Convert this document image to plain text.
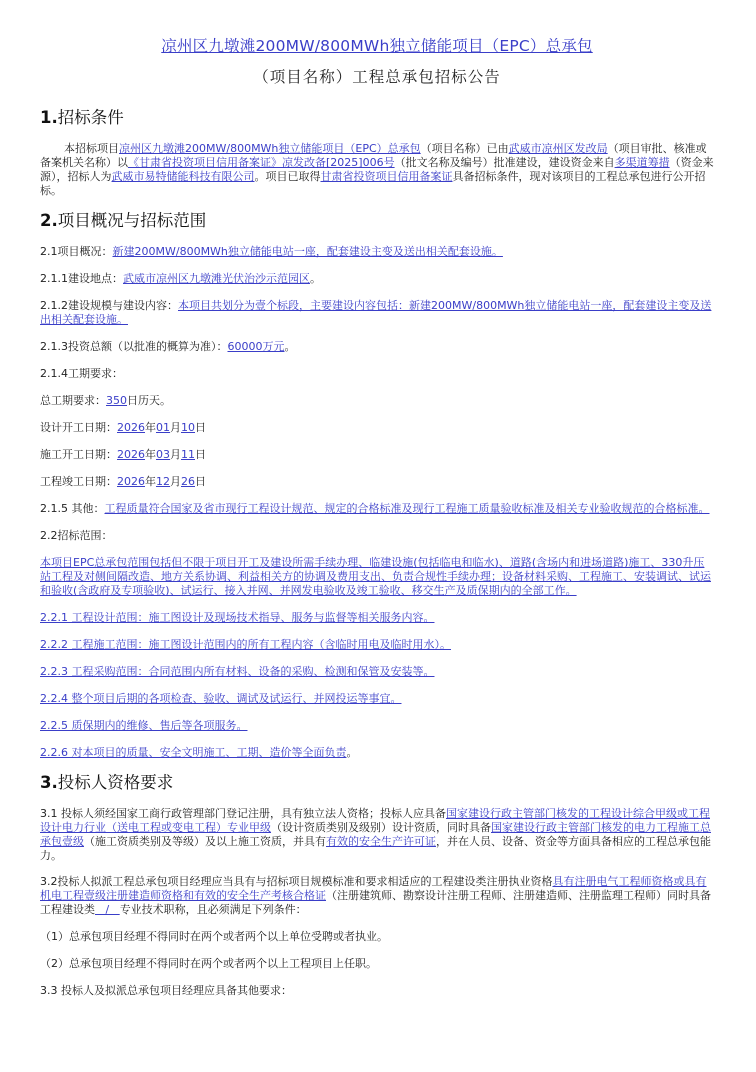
凉州区九墩滩200MW/800MWh独立储能项目（EPC）总承包

（项目名称）工程总承包招标公告

1.招标条件

本招标项目凉州区九墩滩200MW/800MWh独立储能项目（EPC）总承包（项目名称）已由武威市凉州区发改局（项目审批、核准或备案机关名称）以《甘肃省投资项目信用备案证》凉发改备[2025]006号（批文名称及编号）批准建设，建设资金来自多渠道筹措（资金来源），招标人为武威市易特储能科技有限公司。项目已取得甘肃省投资项目信用备案证具备招标条件，现对该项目的工程总承包进行公开招标。

2.项目概况与招标范围

2.1项目概况：新建200MW/800MWh独立储能电站一座，配套建设主变及送出相关配套设施。

2.1.1建设地点：武威市凉州区九墩滩光伏治沙示范园区。

2.1.2建设规模与建设内容：本项目共划分为壹个标段，主要建设内容包括：新建200MW/800MWh独立储能电站一座，配套建设主变及送出相关配套设施。

2.1.3投资总额（以批准的概算为准）：60000万元。

2.1.4工期要求：

总工期要求：350日历天。

设计开工日期：2026年01月10日

施工开工日期：2026年03月11日

工程竣工日期：2026年12月26日

2.1.5 其他：工程质量符合国家及省市现行工程设计规范、规定的合格标准及现行工程施工质量验收标准及相关专业验收规范的合格标准。

2.2招标范围：

本项目EPC总承包范围包括但不限于项目开工及建设所需手续办理、临建设施(包括临电和临水)、道路(含场内和进场道路)施工、330升压站工程及对侧间隔改造、地方关系协调、利益相关方的协调及费用支出、负责合规性手续办理；设备材料采购、工程施工、安装调试、试运和验收(含政府及专项验收)、试运行、接入并网、并网发电验收及竣工验收、移交生产及质保期内的全部工作。

2.2.1 工程设计范围：施工图设计及现场技术指导、服务与监督等相关服务内容。

2.2.2 工程施工范围：施工图设计范围内的所有工程内容（含临时用电及临时用水）。

2.2.3 工程采购范围：合同范围内所有材料、设备的采购、检测和保管及安装等。

2.2.4 整个项目后期的各项检查、验收、调试及试运行、并网投运等事宜。

2.2.5 质保期内的维修、售后等各项服务。

2.2.6 对本项目的质量、安全文明施工、工期、造价等全面负责。

3.投标人资格要求

3.1 投标人须经国家工商行政管理部门登记注册，具有独立法人资格；投标人应具备国家建设行政主管部门核发的工程设计综合甲级或工程设计电力行业（送电工程或变电工程）专业甲级（设计资质类别及级别）设计资质，同时具备国家建设行政主管部门核发的电力工程施工总承包壹级（施工资质类别及等级）及以上施工资质，并具有有效的安全生产许可证，并在人员、设备、资金等方面具备相应的工程总承包能力。

3.2投标人拟派工程总承包项目经理应当具有与招标项目规模标准和要求相适应的工程建设类注册执业资格具有注册电气工程师资格或具有机电工程壹级注册建造师资格和有效的安全生产考核合格证（注册建筑师、勘察设计注册工程师、注册建造师、注册监理工程师）同时具备工程建设类   /   专业技术职称，且必须满足下列条件：

（1）总承包项目经理不得同时在两个或者两个以上单位受聘或者执业。

（2）总承包项目经理不得同时在两个或者两个以上工程项目上任职。

3.3 投标人及拟派总承包项目经理应具备其他要求：
